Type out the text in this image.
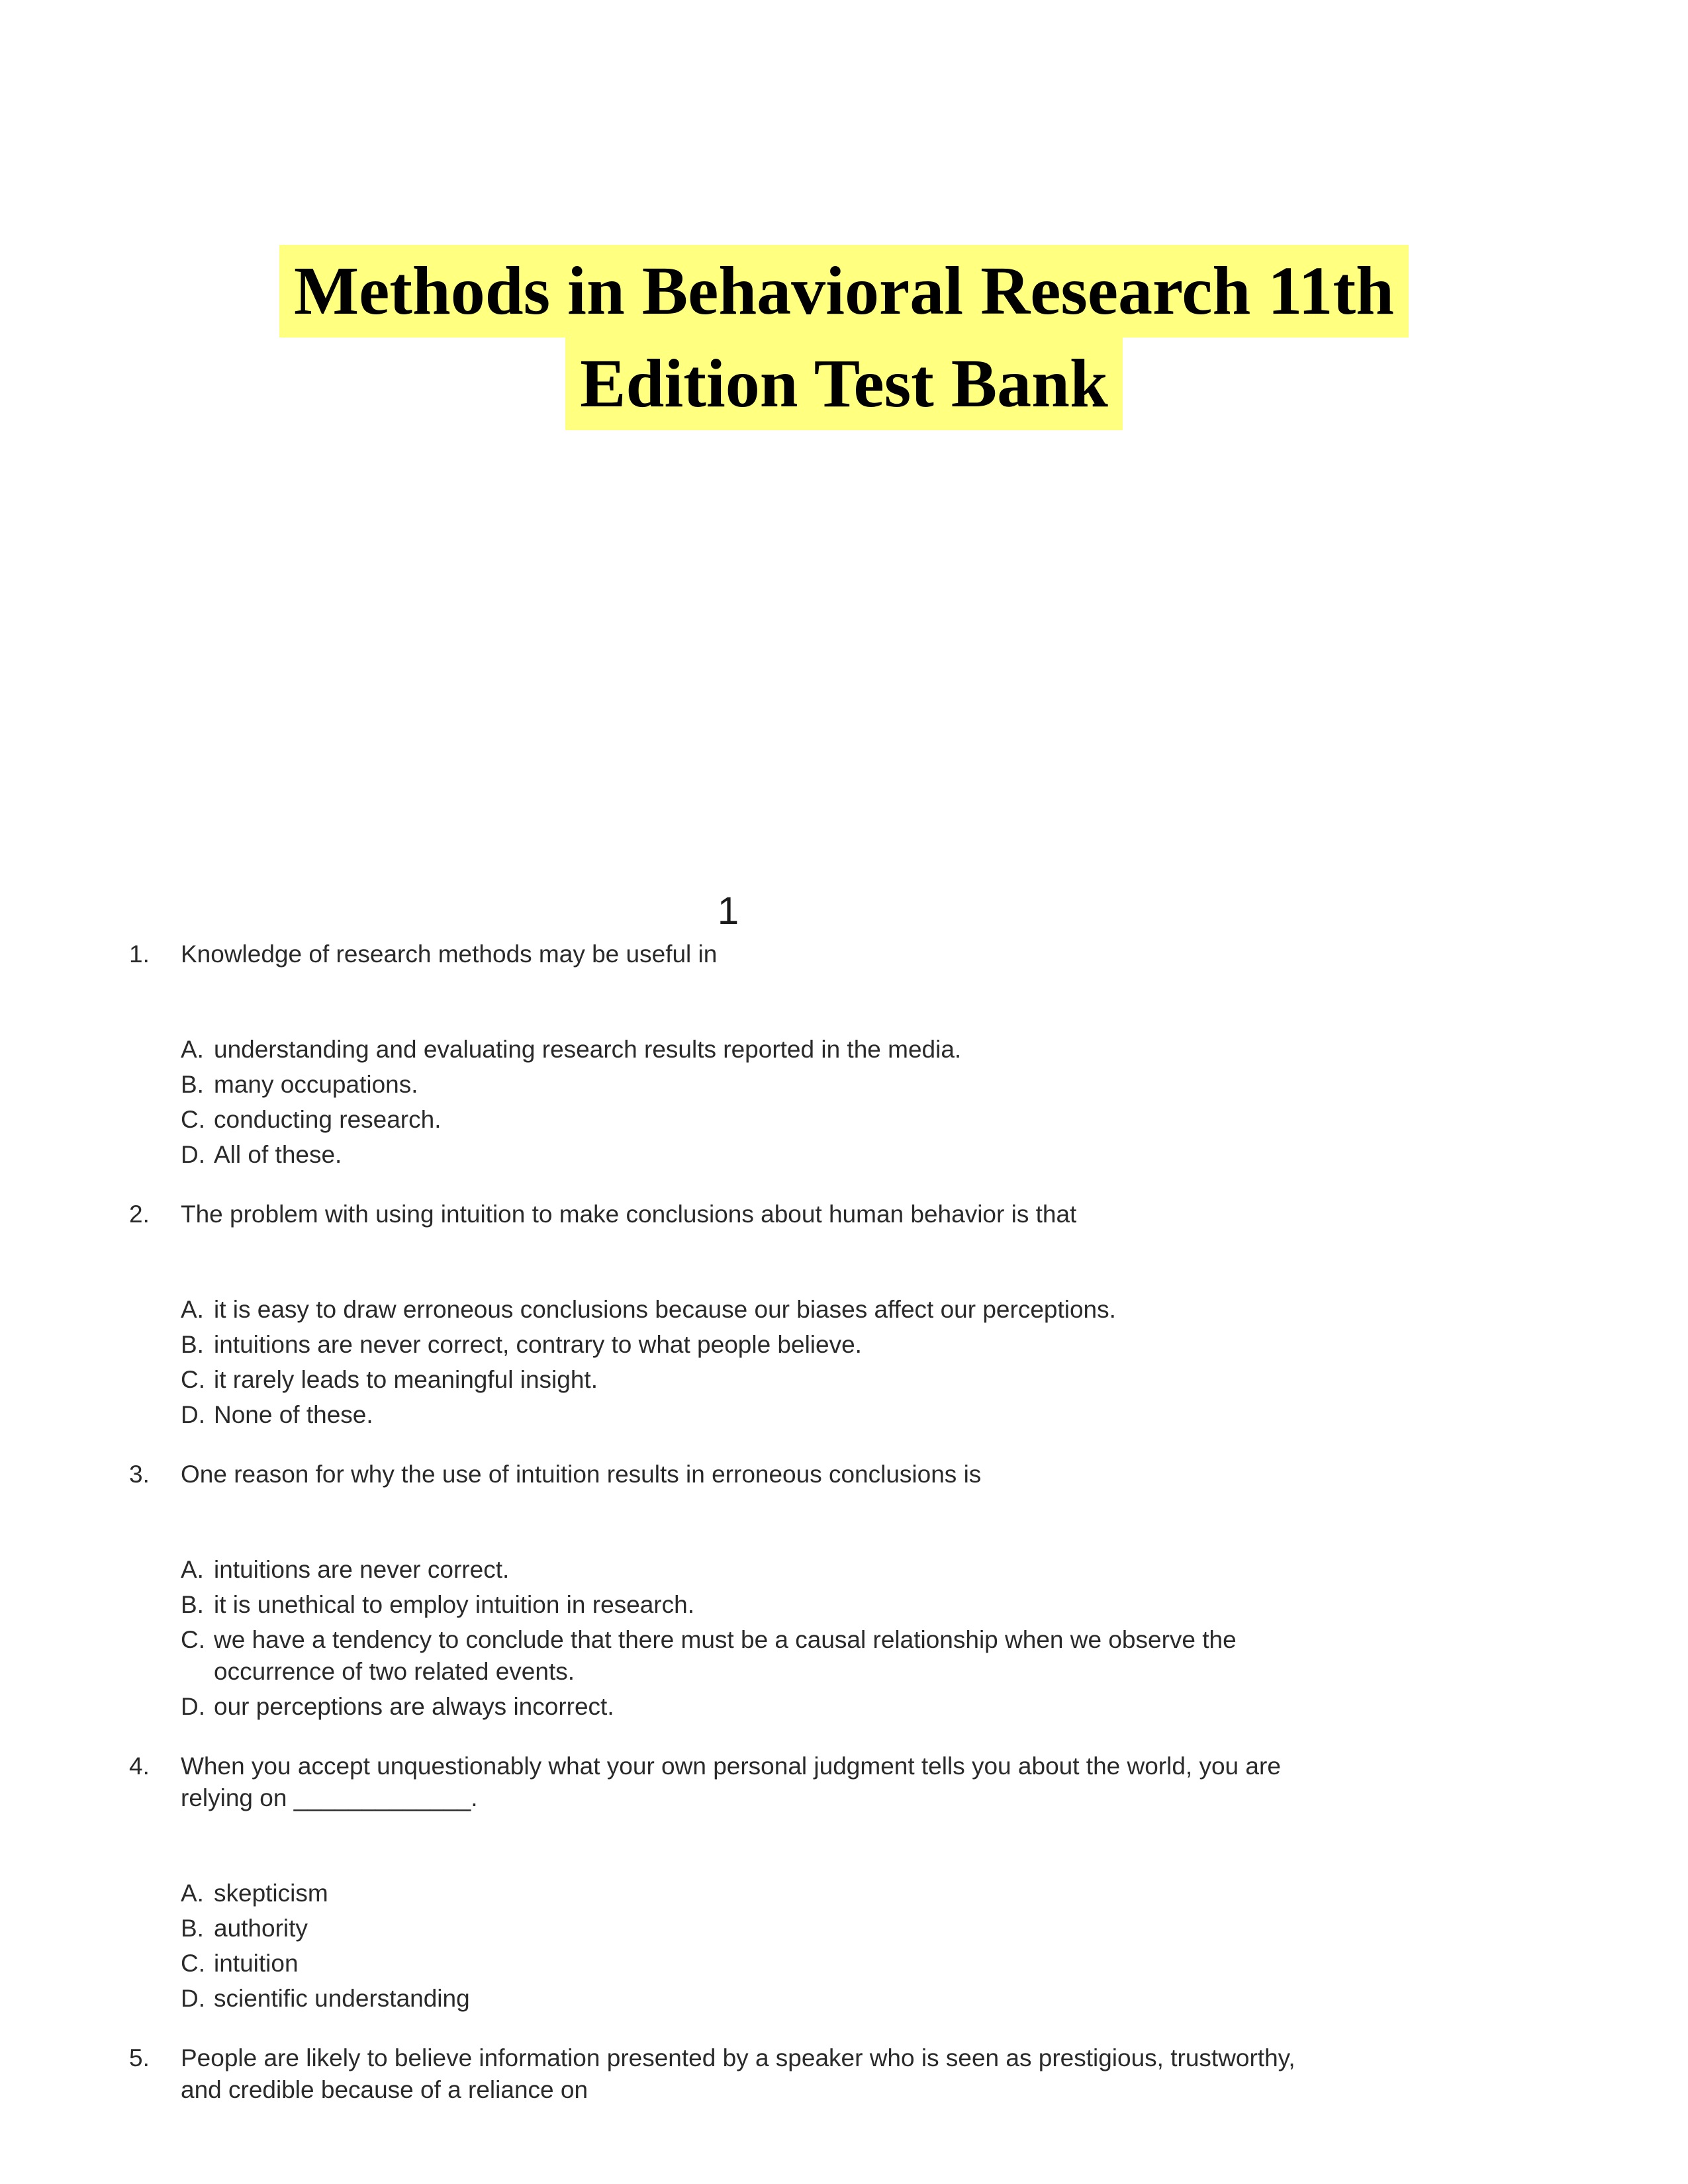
Methods in Behavioral Research 11th
Edition Test Bank
1
1. Knowledge of research methods may be useful in
A. understanding and evaluating research results reported in the media.
B. many occupations.
C. conducting research.
D. All of these.
2. The problem with using intuition to make conclusions about human behavior is that
A. it is easy to draw erroneous conclusions because our biases affect our perceptions.
B. intuitions are never correct, contrary to what people believe.
C. it rarely leads to meaningful insight.
D. None of these.
3. One reason for why the use of intuition results in erroneous conclusions is
A. intuitions are never correct.
B. it is unethical to employ intuition in research.
C. we have a tendency to conclude that there must be a causal relationship when we observe the occurrence of two related events.
D. our perceptions are always incorrect.
4. When you accept unquestionably what your own personal judgment tells you about the world, you are relying on _____________.
A. skepticism
B. authority
C. intuition
D. scientific understanding
5. People are likely to believe information presented by a speaker who is seen as prestigious, trustworthy, and credible because of a reliance on
